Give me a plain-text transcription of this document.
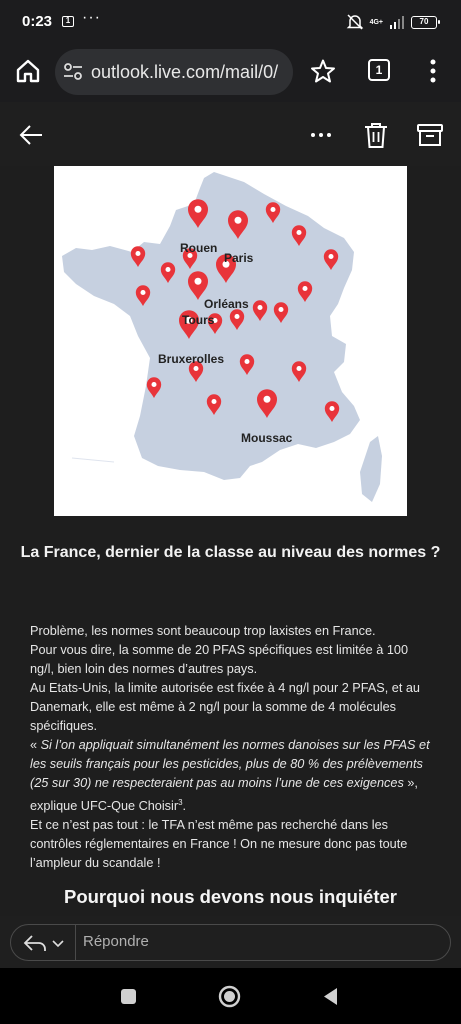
0:23	1 ···	4G+	70
outlook.live.com/mail/0/	1
Rouen
Paris
Orléans
Tours
Bruxerolles
Moussac
La France, dernier de la classe au niveau des normes ?

Problème, les normes sont beaucoup trop laxistes en France.

Pour vous dire, la somme de 20 PFAS spécifiques est limitée à 100 ng/l, bien loin des normes d’autres pays.

Au Etats-Unis, la limite autorisée est fixée à 4 ng/l pour 2 PFAS, et au Danemark, elle est même à 2 ng/l pour la somme de 4 molécules spécifiques.

« Si l’on appliquait simultanément les normes danoises sur les PFAS et les seuils français pour les pesticides, plus de 80 % des prélèvements (25 sur 30) ne respecteraient pas au moins l’une de ces exigences »,

explique UFC-Que Choisir$^3$.

Et ce n’est pas tout : le TFA n’est même pas recherché dans les contrôles réglementaires en France ! On ne mesure donc pas toute l’ampleur du scandale !

Pourquoi nous devons nous inquiéter
Répondre
